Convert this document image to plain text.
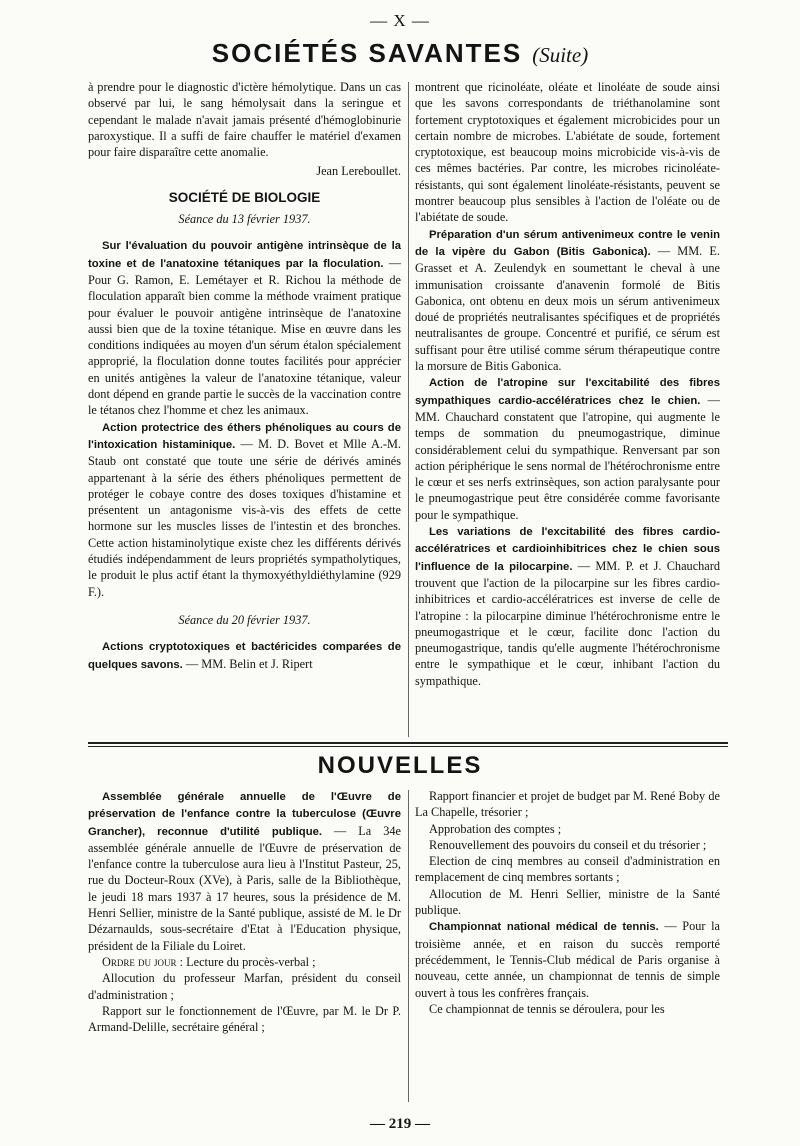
— X —
SOCIÉTÉS SAVANTES (Suite)

à prendre pour le diagnostic d'ictère hémolytique. Dans un cas observé par lui, le sang hémolysait dans la seringue et cependant le malade n'avait jamais présenté d'hémoglobinurie paroxystique. Il a suffi de faire chauffer le matériel d'examen pour faire disparaître cette anomalie.

Jean Lereboullet.

SOCIÉTÉ DE BIOLOGIE

Séance du 13 février 1937.

Sur l'évaluation du pouvoir antigène intrinsèque de la toxine et de l'anatoxine tétaniques par la floculation. — Pour G. Ramon, E. Lemétayer et R. Richou la méthode de floculation apparaît bien comme la méthode vraiment pratique pour évaluer le pouvoir antigène intrinsèque de l'anatoxine aussi bien que de la toxine tétanique. Mise en œuvre dans les conditions indiquées au moyen d'un sérum étalon spécialement approprié, la floculation donne toutes facilités pour apprécier en unités antigènes la valeur de l'anatoxine tétanique, valeur dont dépend en grande partie le succès de la vaccination contre le tétanos chez l'homme et chez les animaux.

Action protectrice des éthers phénoliques au cours de l'intoxication histaminique. — M. D. Bovet et Mlle A.-M. Staub ont constaté que toute une série de dérivés aminés appartenant à la série des éthers phénoliques permettent de protéger le cobaye contre des doses toxiques d'histamine et présentent un antagonisme vis-à-vis des effets de cette hormone sur les muscles lisses de l'intestin et des bronches. Cette action histaminolytique existe chez les différents dérivés étudiés indépendamment de leurs propriétés sympatholytiques, le produit le plus actif étant la thymoxyéthyldiéthylamine (929 F.).

Séance du 20 février 1937.

Actions cryptotoxiques et bactéricides comparées de quelques savons. — MM. Belin et J. Ripert

montrent que ricinoléate, oléate et linoléate de soude ainsi que les savons correspondants de triéthanolamine sont fortement cryptotoxiques et également microbicides pour un certain nombre de microbes. L'abiétate de soude, fortement cryptotoxique, est beaucoup moins microbicide vis-à-vis de ces mêmes bactéries. Par contre, les microbes ricinoléate-résistants, qui sont également linoléate-résistants, peuvent se montrer beaucoup plus sensibles à l'action de l'oléate ou de l'abiétate de soude.

Préparation d'un sérum antivenimeux contre le venin de la vipère du Gabon (Bitis Gabonica). — MM. E. Grasset et A. Zeulendyk en soumettant le cheval à une immunisation croissante d'anavenin formolé de Bitis Gabonica, ont obtenu en deux mois un sérum antivenimeux doué de propriétés neutralisantes spécifiques et de propriétés neutralisantes de groupe. Concentré et purifié, ce sérum est suffisant pour être utilisé comme sérum thérapeutique contre la morsure de Bitis Gabonica.

Action de l'atropine sur l'excitabilité des fibres sympathiques cardio-accélératrices chez le chien. — MM. Chauchard constatent que l'atropine, qui augmente le temps de sommation du pneumogastrique, diminue considérablement celui du sympathique. Renversant par son action périphérique le sens normal de l'hétérochronisme entre le cœur et ses nerfs extrinsèques, son action paralysante pour le pneumogastrique peut être considérée comme favorisante pour le sympathique.

Les variations de l'excitabilité des fibres cardio-accélératrices et cardioinhibitrices chez le chien sous l'influence de la pilocarpine. — MM. P. et J. Chauchard trouvent que l'action de la pilocarpine sur les fibres cardio-inhibitrices et cardio-accélératrices est inverse de celle de l'atropine : la pilocarpine diminue l'hétérochronisme entre le pneumogastrique et le cœur, facilite donc l'action du pneumogastrique, tandis qu'elle augmente l'hétérochronisme entre le sympathique et le cœur, inhibant l'action du sympathique.

NOUVELLES

Assemblée générale annuelle de l'Œuvre de préservation de l'enfance contre la tuberculose (Œuvre Grancher), reconnue d'utilité publique. — La 34e assemblée générale annuelle de l'Œuvre de préservation de l'enfance contre la tuberculose aura lieu à l'Institut Pasteur, 25, rue du Docteur-Roux (XVe), à Paris, salle de la Bibliothèque, le jeudi 18 mars 1937 à 17 heures, sous la présidence de M. Henri Sellier, ministre de la Santé publique, assisté de M. le Dr Dézarnaulds, sous-secrétaire d'Etat à l'Education physique, président de la Filiale du Loiret.

Ordre du jour : Lecture du procès-verbal ;

Allocution du professeur Marfan, président du conseil d'administration ;

Rapport sur le fonctionnement de l'Œuvre, par M. le Dr P. Armand-Delille, secrétaire général ;

Rapport financier et projet de budget par M. René Boby de La Chapelle, trésorier ;

Approbation des comptes ;

Renouvellement des pouvoirs du conseil et du trésorier ;

Election de cinq membres au conseil d'administration en remplacement de cinq membres sortants ;

Allocution de M. Henri Sellier, ministre de la Santé publique.

Championnat national médical de tennis. — Pour la troisième année, et en raison du succès remporté précédemment, le Tennis-Club médical de Paris organise à nouveau, cette année, un championnat de tennis de simple ouvert à tous les confrères français.

Ce championnat de tennis se déroulera, pour les

— 219 —
